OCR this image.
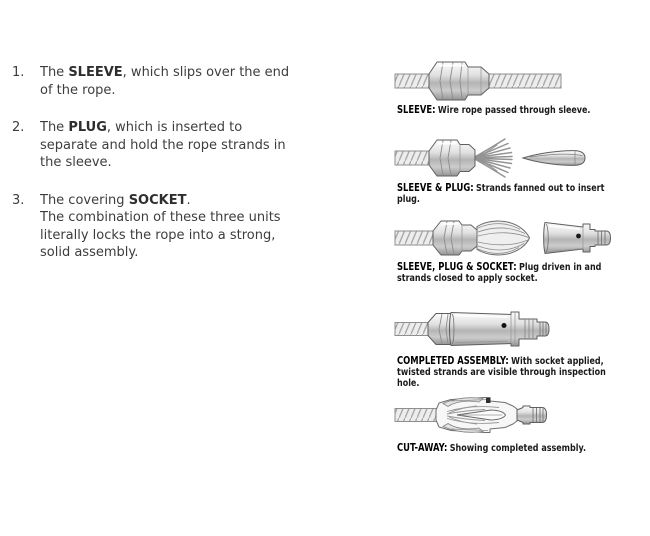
1.	The SLEEVE, which slips over the end
of the rope.
2.	The PLUG, which is inserted to
separate and hold the rope strands in
the sleeve.
3.	The covering SOCKET.
The combination of these three units
literally locks the rope into a strong,
solid assembly.
SLEEVE: Wire rope passed through sleeve.
SLEEVE & PLUG: Strands fanned out to insert plug.
SLEEVE, PLUG & SOCKET: Plug driven in and strands closed to apply socket.
COMPLETED ASSEMBLY: With socket applied, twisted strands are visible through inspection hole.
CUT-AWAY: Showing completed assembly.
